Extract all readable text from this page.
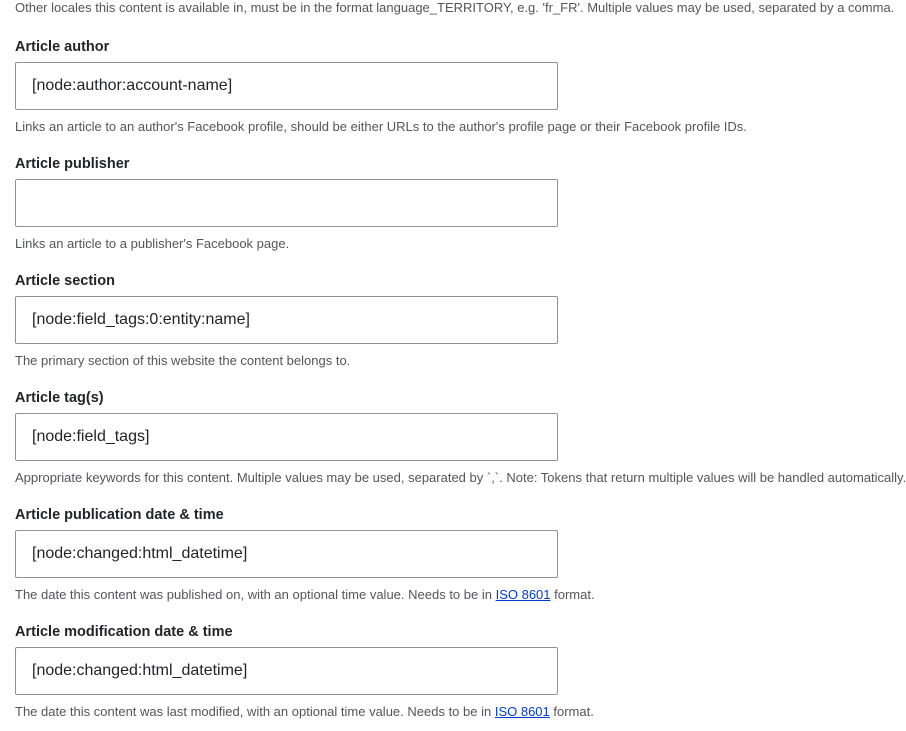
Other locales this content is available in, must be in the format language_TERRITORY, e.g. 'fr_FR'. Multiple values may be used, separated by a comma.
Article author
[node:author:account-name]
Links an article to an author's Facebook profile, should be either URLs to the author's profile page or their Facebook profile IDs.
Article publisher
Links an article to a publisher's Facebook page.
Article section
[node:field_tags:0:entity:name]
The primary section of this website the content belongs to.
Article tag(s)
[node:field_tags]
Appropriate keywords for this content. Multiple values may be used, separated by `,`. Note: Tokens that return multiple values will be handled automatically.
Article publication date & time
[node:changed:html_datetime]
The date this content was published on, with an optional time value. Needs to be in ISO 8601 format.
Article modification date & time
[node:changed:html_datetime]
The date this content was last modified, with an optional time value. Needs to be in ISO 8601 format.
